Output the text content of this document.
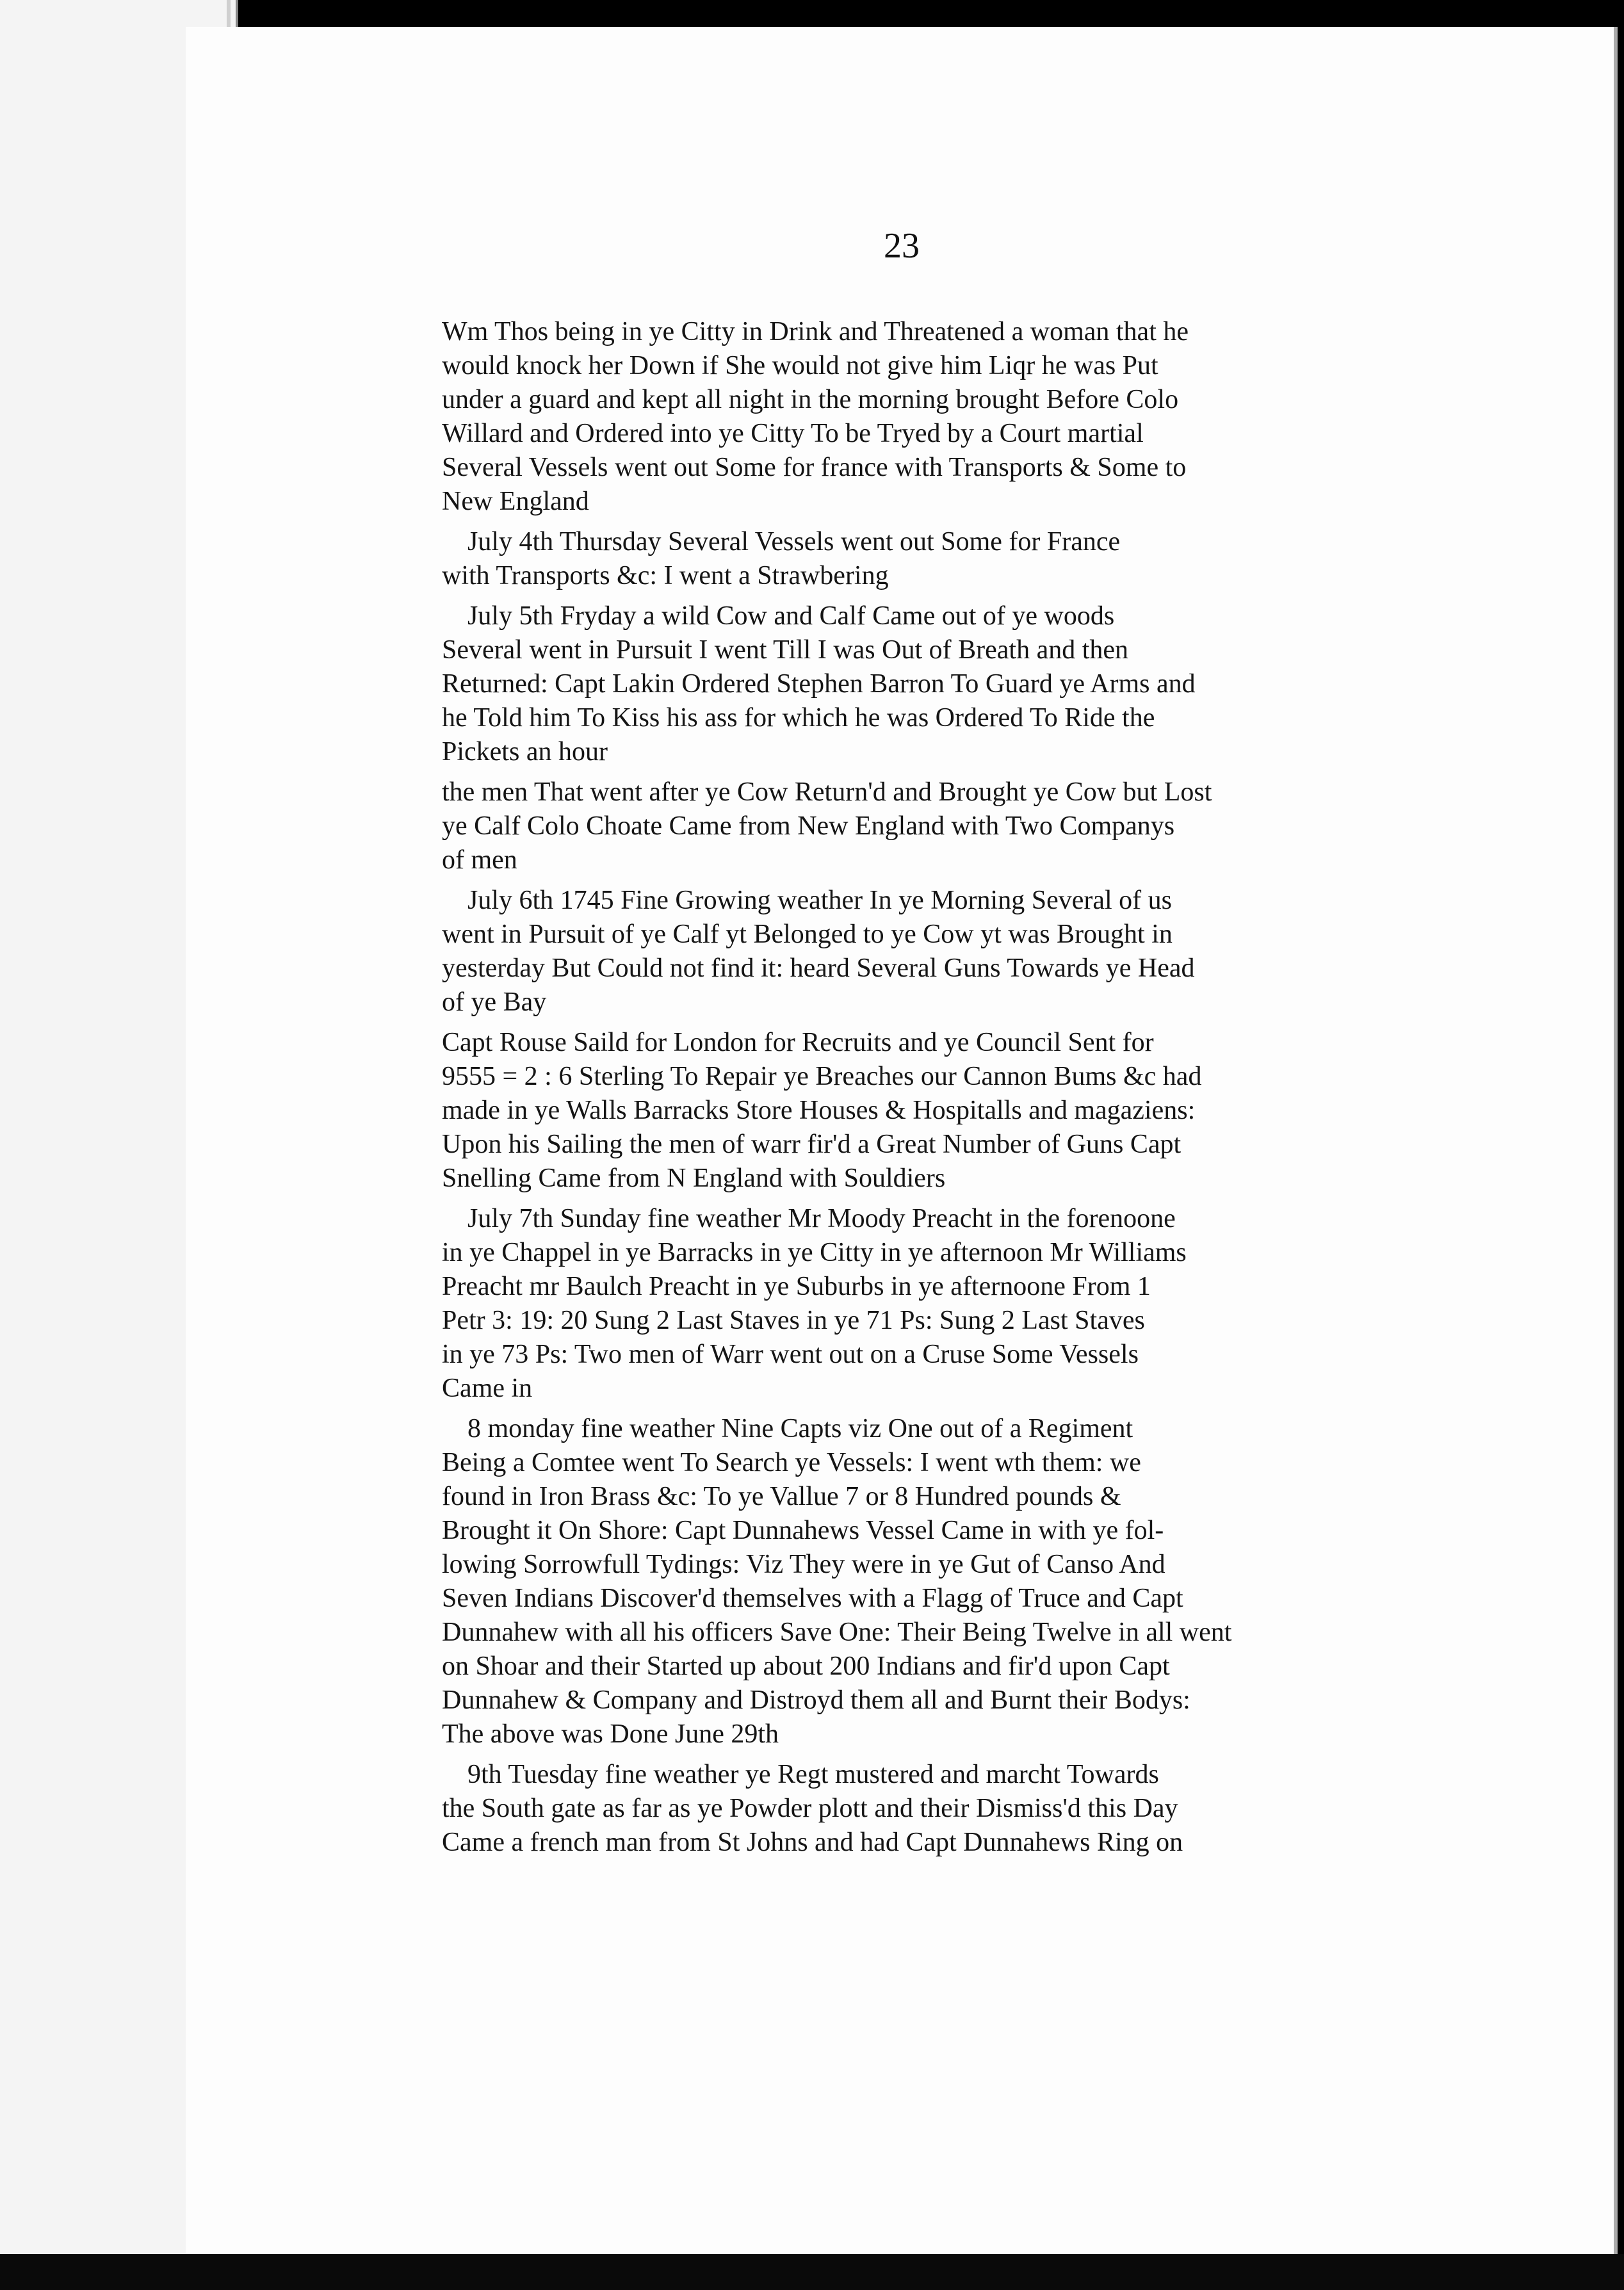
23
Wm Thos being in ye Citty in Drink and Threatened a woman that he
would knock her Down if She would not give him Liqr he was Put
under a guard and kept all night in the morning brought Before Colo
Willard and Ordered into ye Citty To be Tryed by a Court martial
Several Vessels went out Some for france with Transports & Some to
New England
July 4th Thursday Several Vessels went out Some for France
with Transports &c: I went a Strawbering
July 5th Fryday a wild Cow and Calf Came out of ye woods
Several went in Pursuit I went Till I was Out of Breath and then
Returned: Capt Lakin Ordered Stephen Barron To Guard ye Arms and
he Told him To Kiss his ass for which he was Ordered To Ride the
Pickets an hour
the men That went after ye Cow Return'd and Brought ye Cow but Lost
ye Calf Colo Choate Came from New England with Two Companys
of men
July 6th 1745 Fine Growing weather In ye Morning Several of us
went in Pursuit of ye Calf yt Belonged to ye Cow yt was Brought in
yesterday But Could not find it: heard Several Guns Towards ye Head
of ye Bay
Capt Rouse Saild for London for Recruits and ye Council Sent for
9555 = 2 : 6 Sterling To Repair ye Breaches our Cannon Bums &c had
made in ye Walls Barracks Store Houses & Hospitalls and magaziens:
Upon his Sailing the men of warr fir'd a Great Number of Guns Capt
Snelling Came from N England with Souldiers
July 7th Sunday fine weather Mr Moody Preacht in the forenoone
in ye Chappel in ye Barracks in ye Citty in ye afternoon Mr Williams
Preacht mr Baulch Preacht in ye Suburbs in ye afternoone From 1
Petr 3: 19: 20 Sung 2 Last Staves in ye 71 Ps: Sung 2 Last Staves
in ye 73 Ps: Two men of Warr went out on a Cruse Some Vessels
Came in
8 monday fine weather Nine Capts viz One out of a Regiment
Being a Comtee went To Search ye Vessels: I went wth them: we
found in Iron Brass &c: To ye Vallue 7 or 8 Hundred pounds &
Brought it On Shore: Capt Dunnahews Vessel Came in with ye fol-
lowing Sorrowfull Tydings: Viz They were in ye Gut of Canso And
Seven Indians Discover'd themselves with a Flagg of Truce and Capt
Dunnahew with all his officers Save One: Their Being Twelve in all went
on Shoar and their Started up about 200 Indians and fir'd upon Capt
Dunnahew & Company and Distroyd them all and Burnt their Bodys:
The above was Done June 29th
9th Tuesday fine weather ye Regt mustered and marcht Towards
the South gate as far as ye Powder plott and their Dismiss'd this Day
Came a french man from St Johns and had Capt Dunnahews Ring on
